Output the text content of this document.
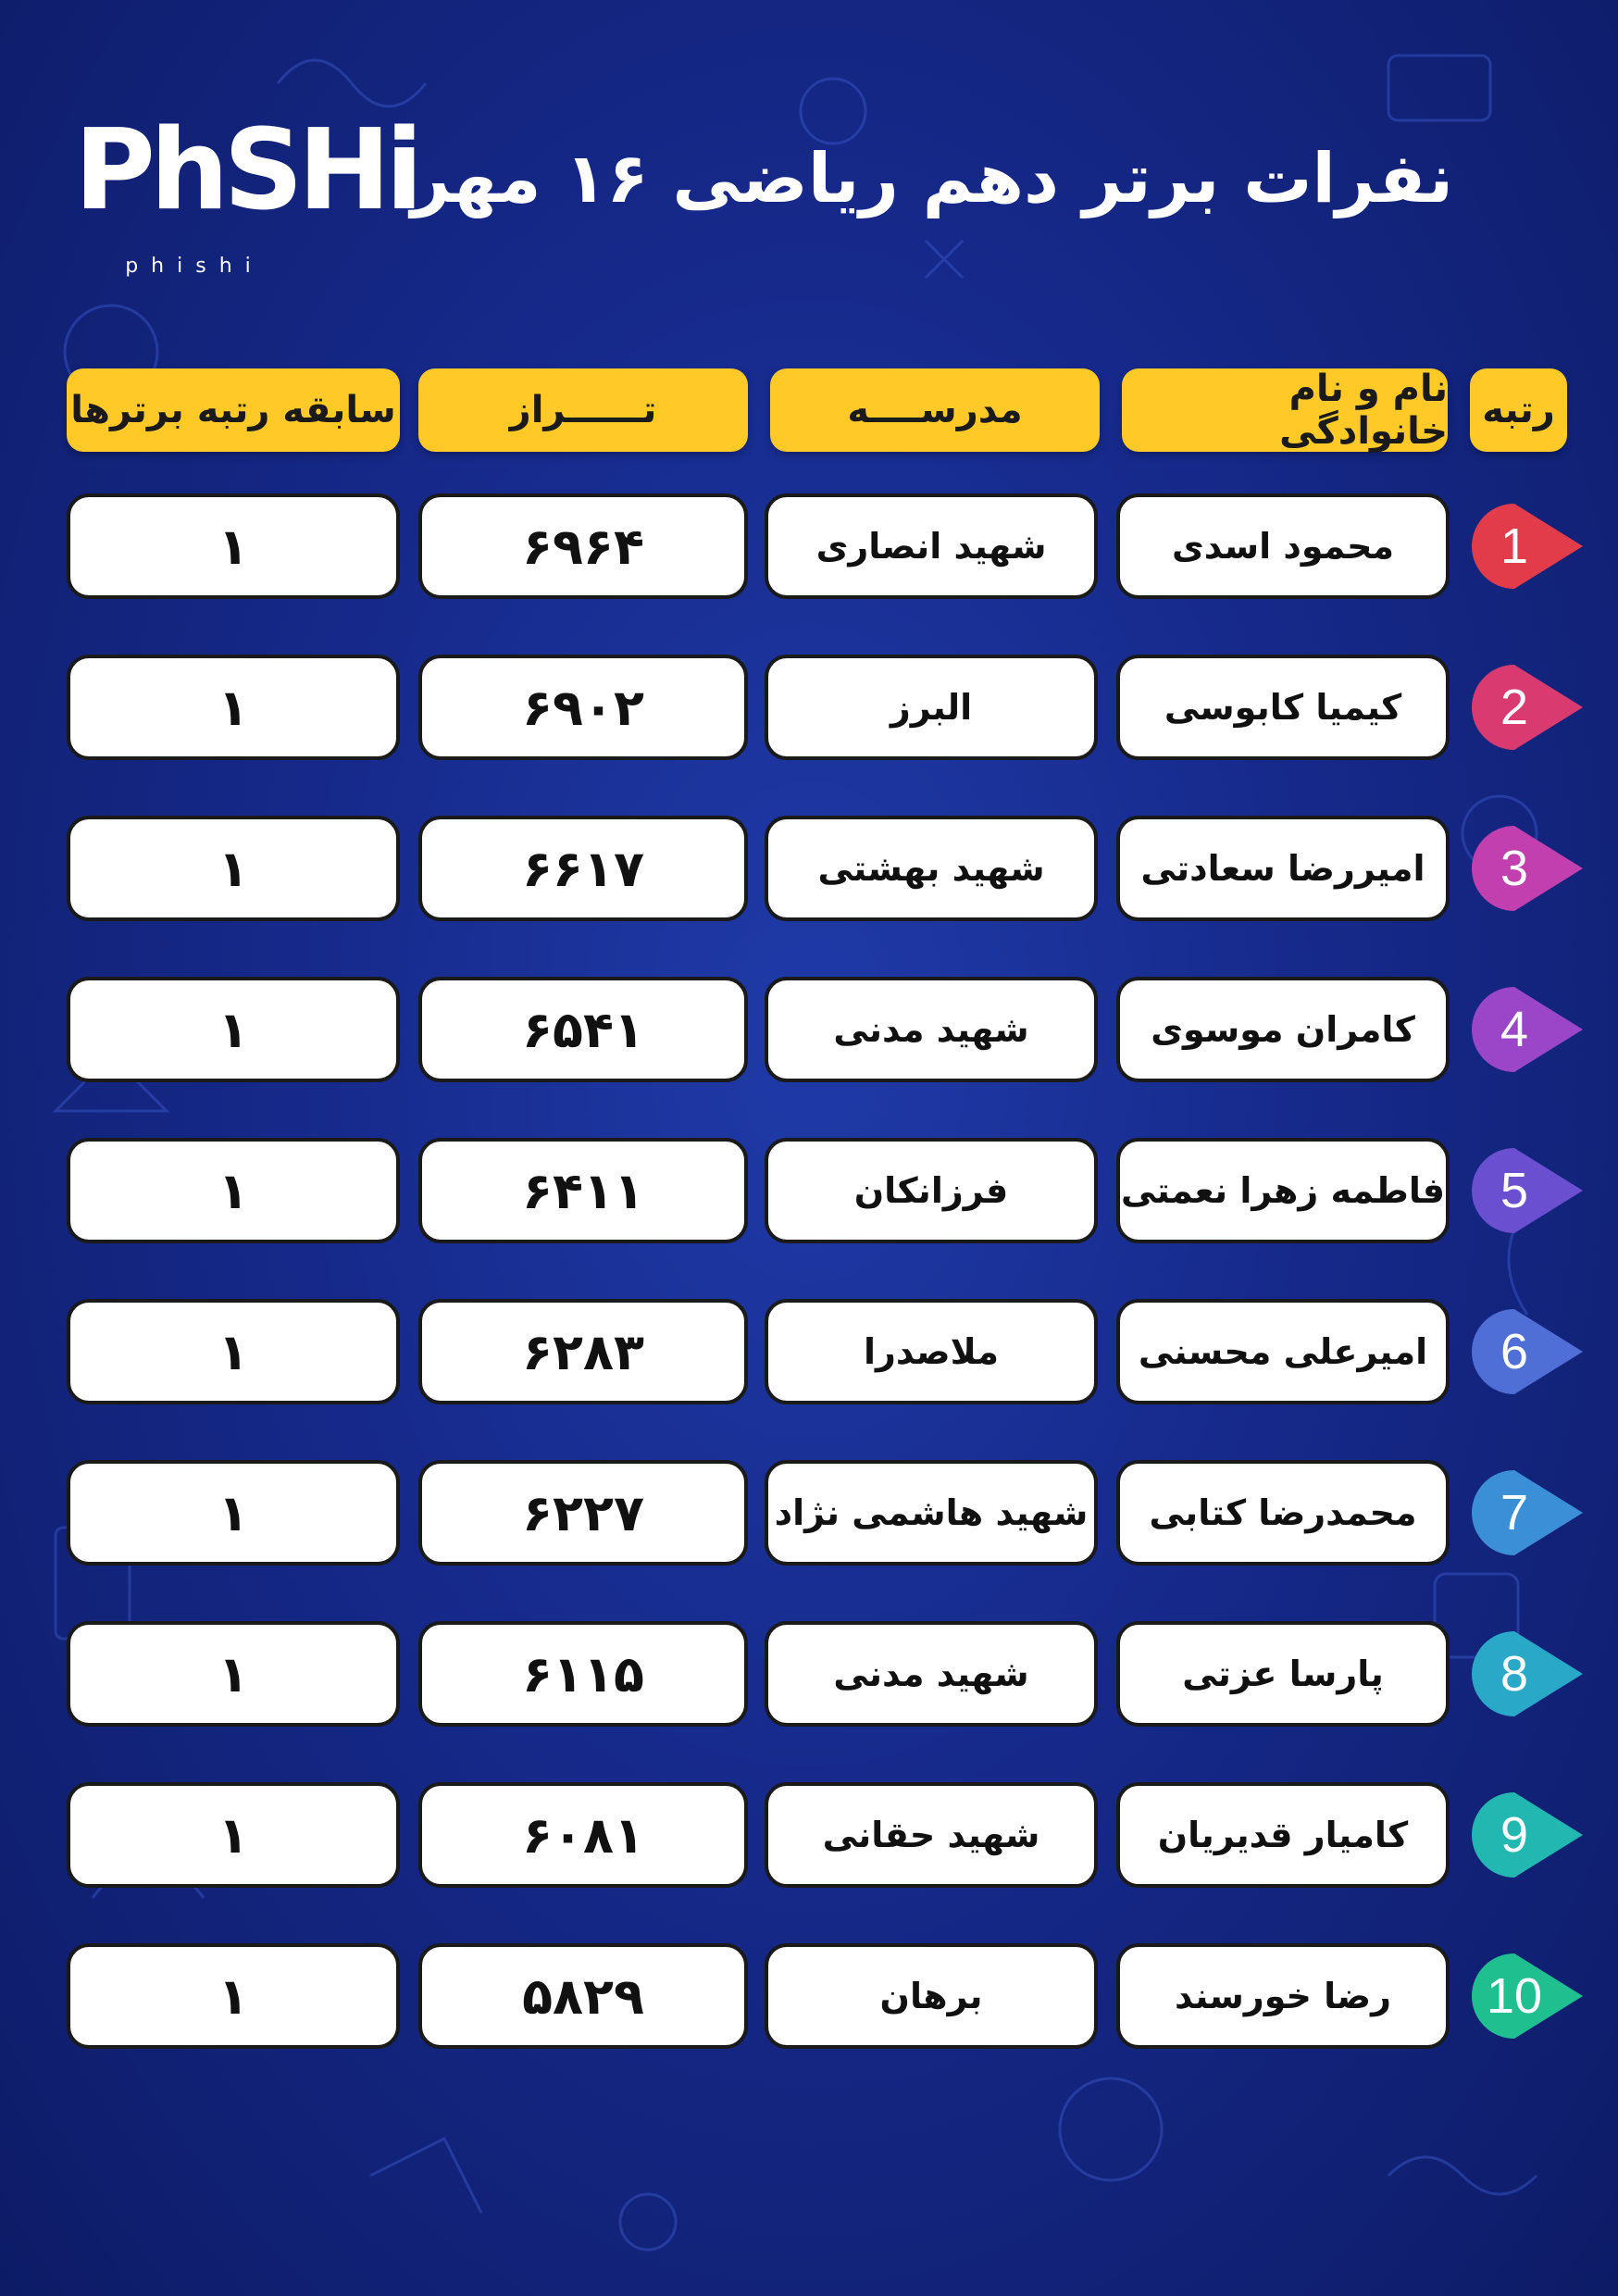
PhSHi
phishi
نفرات برتر دهم ریاضی ۱۶ مهر
رتبه
نام و نام خانوادگی
مدرســــه
تــــــراز
سابقه رتبه برترها
1
محمود اسدی
شهید انصاری
۶۹۶۴
۱
2
کیمیا کابوسی
البرز
۶۹۰۲
۱
3
امیررضا سعادتی
شهید بهشتی
۶۶۱۷
۱
4
کامران موسوی
شهید مدنی
۶۵۴۱
۱
5
فاطمه زهرا نعمتی
فرزانکان
۶۴۱۱
۱
6
امیرعلی محسنی
ملاصدرا
۶۲۸۳
۱
7
محمدرضا کتابی
شهید هاشمی نژاد
۶۲۲۷
۱
8
پارسا عزتی
شهید مدنی
۶۱۱۵
۱
9
کامیار قدیریان
شهید حقانی
۶۰۸۱
۱
10
رضا خورسند
برهان
۵۸۲۹
۱
